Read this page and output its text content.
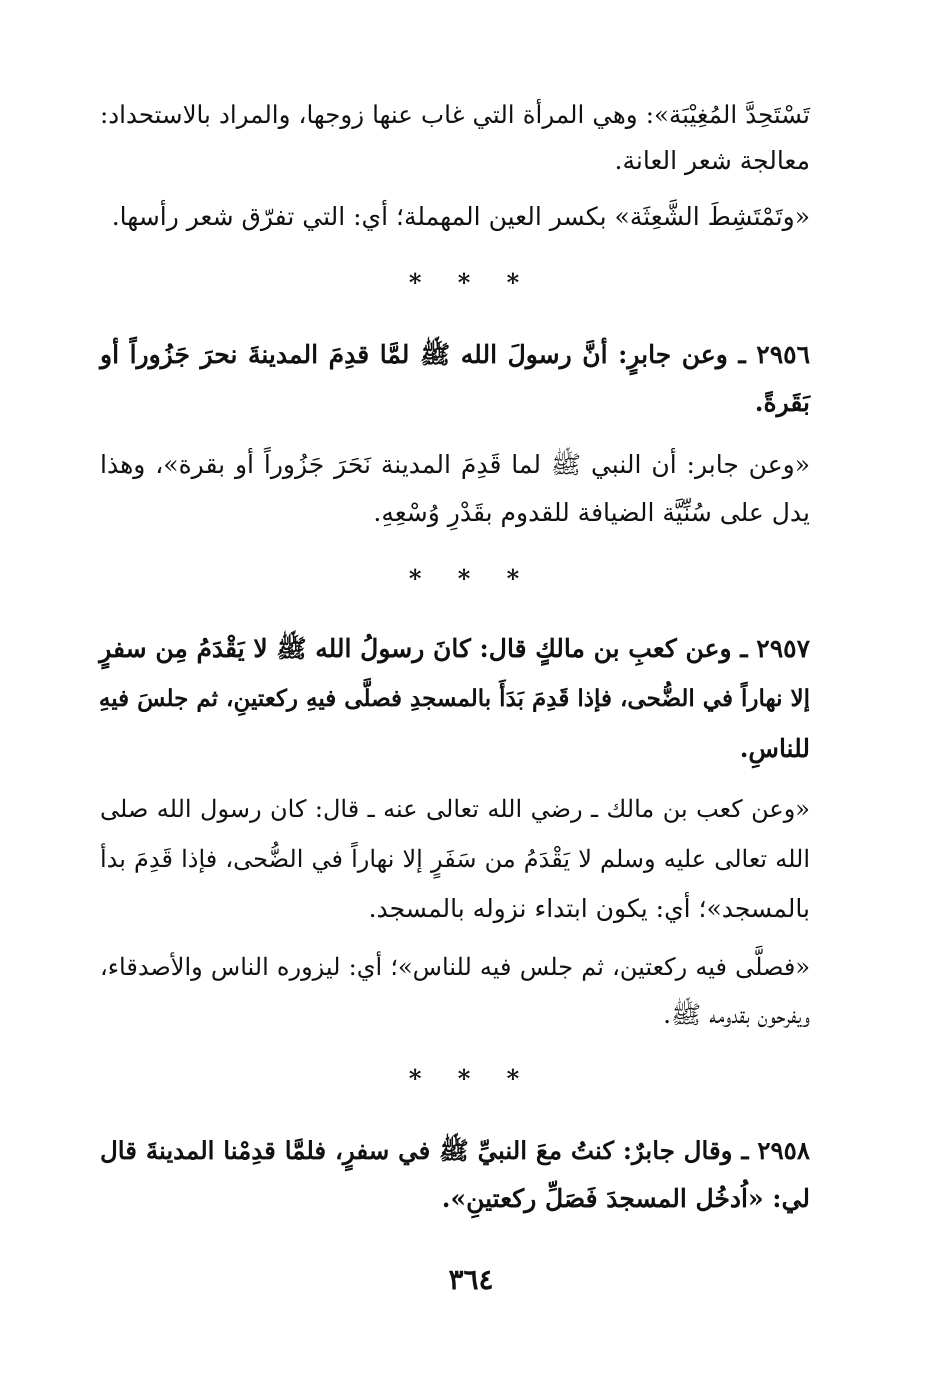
تَسْتَحِدَّ المُغِيْبَة»: وهي المرأة التي غاب عنها زوجها، والمراد بالاستحداد:
معالجة شعر العانة.
«وتَمْتَشِطَ الشَّعِثَة» بكسر العين المهملة؛ أي: التي تفرّق شعر رأسها.
* * *
٢٩٥٦ ـ وعن جابرٍ: أنَّ رسولَ الله ﷺ لمَّا قدِمَ المدينةَ نحرَ جَزُوراً أو
بَقَرةً.
«وعن جابر: أن النبي ﷺ لما قَدِمَ المدينة نَحَرَ جَزُوراً أو بقرة»، وهذا
يدل على سُنِّيَّة الضيافة للقدوم بقَدْرِ وُسْعِهِ.
* * *
٢٩٥٧ ـ وعن كعبِ بن مالكٍ قال: كانَ رسولُ الله ﷺ لا يَقْدَمُ مِن سفرٍ
إلا نهاراً في الضُّحى، فإذا قَدِمَ بَدَأَ بالمسجدِ فصلَّى فيهِ ركعتينِ، ثم جلسَ فيهِ
للناسِ.
«وعن كعب بن مالك ـ رضي الله تعالى عنه ـ قال: كان رسول الله صلى
الله تعالى عليه وسلم لا يَقْدَمُ من سَفَرٍ إلا نهاراً في الضُّحى، فإذا قَدِمَ بدأ
بالمسجد»؛ أي: يكون ابتداء نزوله بالمسجد.
«فصلَّى فيه ركعتين، ثم جلس فيه للناس»؛ أي: ليزوره الناس والأصدقاء،
ويفرحون بقدومه ﷺ.
* * *
٢٩٥٨ ـ وقال جابرٌ: كنتُ معَ النبيِّ ﷺ في سفرٍ، فلمَّا قدِمْنا المدينةَ قال
لي: «اُدخُل المسجدَ فَصَلِّ ركعتينِ».
٣٦٤
